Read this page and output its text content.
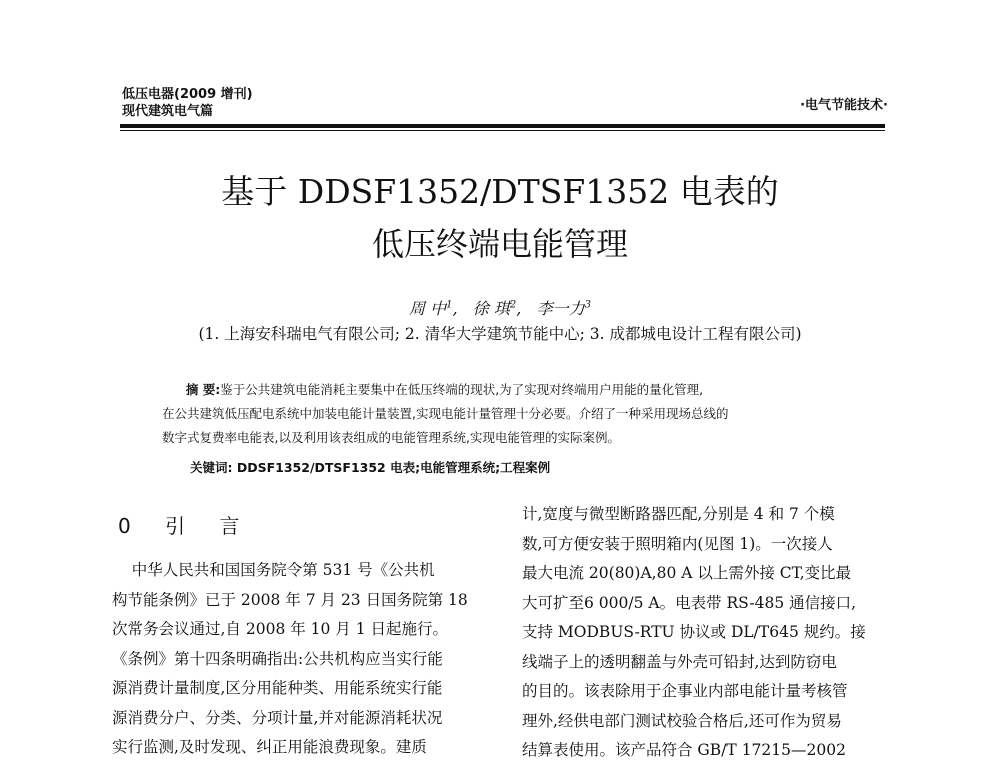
低压电器(2009 增刊)
现代建筑电气篇	·电气节能技术·
基于 DDSF1352/DTSF1352 电表的
低压终端电能管理
周 中$^1$,   徐 琪$^2$,   李一力$^3$
(1. 上海安科瑞电气有限公司; 2. 清华大学建筑节能中心; 3. 成都城电设计工程有限公司)
摘 要:鉴于公共建筑电能消耗主要集中在低压终端的现状,为了实现对终端用户用能的量化管理,
在公共建筑低压配电系统中加装电能计量装置,实现电能计量管理十分必要。介绍了一种采用现场总线的
数字式复费率电能表,以及利用该表组成的电能管理系统,实现电能管理的实际案例。
关键词: DDSF1352/DTSF1352 电表;电能管理系统;工程案例
0 引 言
中华人民共和国国务院令第 531 号《公共机
构节能条例》已于 2008 年 7 月 23 日国务院第 18
次常务会议通过,自 2008 年 10 月 1 日起施行。
《条例》第十四条明确指出:公共机构应当实行能
源消费计量制度,区分用能种类、用能系统实行能
源消费分户、分类、分项计量,并对能源消耗状况
实行监测,及时发现、纠正用能浪费现象。建质
计,宽度与微型断路器匹配,分别是 4 和 7 个模
数,可方便安装于照明箱内(见图 1)。一次接人
最大电流 20(80)A,80 A 以上需外接 CT,变比最
大可扩至6 000/5 A。电表带 RS-485 通信接口,
支持 MODBUS-RTU 协议或 DL/T645 规约。接
线端子上的透明翻盖与外壳可铅封,达到防窃电
的目的。该表除用于企事业内部电能计量考核管
理外,经供电部门测试校验合格后,还可作为贸易
结算表使用。该产品符合 GB/T 17215—2002
